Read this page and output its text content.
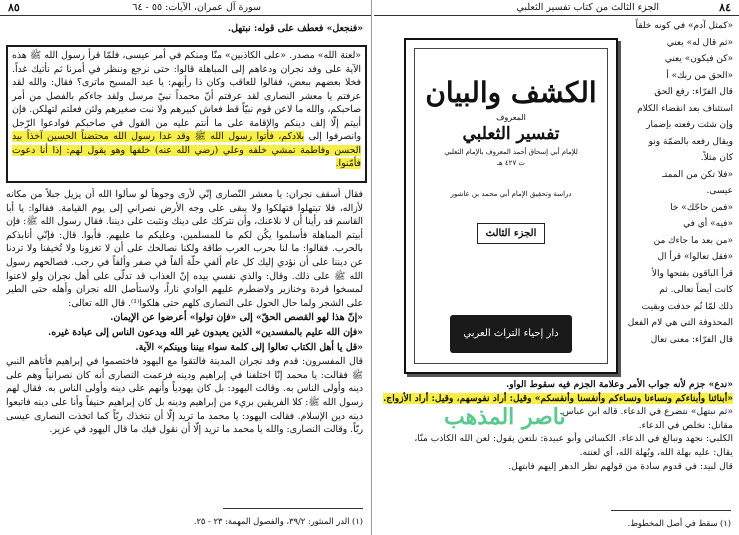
٨٥	سورة آل عمران، الآيات: ٥٥ - ٦٤

«فنجعل» فعطف على قوله: نبتهل.

«لعنة الله» مصدر. «على الكاذبين» منّا ومنكم في أمر عيسى، فلمّا قرأ رسول الله ﷺ هذه الآية على وفد نجران ودعاهم إلى المباهلة قالوا: حتى نرجع وننظر في أمرنا ثم نأتيك غداً. فخلا بعضهم ببعض، فقالوا للعاقب وكان ذا رأيهم: يا عبد المسيح ماترى؟ فقال: والله لقد عرفتم يا معشر النصارى لقد عرفتم أنّ محمداً نبيّ مرسل ولقد جاءكم بالفصل من أمر صاحبكم، والله ما لاعن قوم نبيّاً قط فعاش كبيرهم ولا نبت صغيرهم ولئن فعلتم لتهلكن. فإن أبيتم إلّا إلف دينكم والإقامة على ما أنتم عليه من القول في صاحبكم فوادعوا الرّجل وانصرفوا إلى بلادكم، فأتوا رسول الله ﷺ وقد غدا رسول الله محتضناً الحسين آخذاً بيد الحسن وفاطمة تمشي خلفه وعلي (رضي الله عنه) خلفها وهو يقول لهم: إذا أنا دعوت فأمّنوا.

فقال أسقف نجران: يا معشر النّصارى إنّي لأرى وجوهاً لو سألوا الله أن يزيل جبلاً من مكانه لأزاله، فلا تبتهلوا فتهلكوا ولا يبقى على وجه الأرض نصراني إلى يوم القيامة. فقالوا: يا أبا القاسم قد رأينا أن لا نلاعنك، وأن نتركك على دينك ونثبت على ديننا. فقال رسول الله ﷺ: فإن أبيتم المباهلة فأسلموا يكُن لكم ما للمسلمين، وعليكم ما عليهم. فأبوا. قال: فإنّي أنابذكم بالحرب. فقالوا: ما لنا بحرب العرب طاقة ولكنا نصالحك على أن لا تغزونا ولا تُخيفنا ولا تردنا عن ديننا على أن نؤدي إليك كل عام ألفي حلّة ألفاً في صفر وألفاً في رجب. فصالحهم رسول الله ﷺ على ذلك. وقال: والذي نفسي بيده إنّ العذاب قد تدلّى على أهل نجران ولو لاعنوا لمسخوا قردة وخنازير ولاضطرم عليهم الوادي ناراً، ولاستأصل الله نجران وأهله حتى الطير على الشجر ولما حال الحول على النصارى كلهم حتى هلكوا⁽¹⁾. قال الله تعالى:

«إنّ هذا لهو القصص الحقّ» إلى «فإن تولوا» أعرضوا عن الإيمان.

«فإن الله عليم بالمفسدين» الذين يعبدون غير الله ويدعون الناس إلى عبادة غيره.

«قل يا أهل الكتاب تعالوا إلى كلمة سواء بيننا وبينكم» الآية.

قال المفسرون: قدم وفد نجران المدينة فالتقوا مع اليهود فاختصموا في إبراهيم فأتاهم النبي ﷺ فقالت: يا محمد إنّا اختلفنا في إبراهيم ودينه فزعمت النصارى أنه كان نصرانياً وهم على دينه وأولى الناس به. وقالت اليهود: بل كان يهودياً وأنهم على دينه وأولى الناس به. فقال لهم رسول الله ﷺ: كلا الفريقين بريء من إبراهيم ودينه بل كان إبراهيم حنيفاً وأنا على دينه فاتبعوا دينه دين الإسلام. فقالت اليهود: يا محمد ما تريد إلّا أن نتخذك ربّاً كما اتخذت النصارى عيسى ربّاً. وقالت النصارى: والله يا محمد ما تريد إلّا أن نقول فيك ما قال اليهود في عزير.

(١) الدر المنثور: ٣٩/٢، والفصول المهمة: ٢٣ - ٢٥.
٨٤
الجزء الثالث من كتاب تفسير الثعلبي
«كمثل آدم» في كونه خلقاً
«ثم قال له» يعني
«كن فيكون» يعني
«الحق من ربك» أ
قال الفرّاء: رفع الحق
استئناف بعد انقضاء الكلام
وإن شئت رفعته بإضمار
ويقال رفعه بالضمّة ونو
كان مثلاً.
«فلا تكن من الممتـ
عيسى.
«فمن حاجّك» خا
«فيه» أي في
«من بعد ما جاءك من
«فقل تعالوا» قرأ ال
قرأ الباقون بفتحها والأ
كانت أيضاً تعالى. ثم
ذلك لمّا تُم حذفت وبقيت
المحذوفة التي هي لام الفعل
قال الفرّاء: معنى تعال
الكشف والبيان
المعروف
تفسير الثعلبي
للإمام أبي إسحاق أحمد المعروف بالإمام الثعلبي
ت ٤٢٧ هـ
دراسة وتحقيق الإمام أبي محمد بن عاشور
الجزء الثالث
دار إحياء التراث العربي

«ندع» جزم لأنه جواب الأمر وعلامة الجزم فيه سقوط الواو.

«أبنائنا وأبناءكم ونساءنا ونساءكم وأنفسنا وأنفسكم» وقيل: أراد نفوسهم، وقيل: أراد الأزواج.

«ثم نبتهل» نتضرع في الدعاء. قاله ابن عباس.

مقاتل: نخلص في الدعاء.

الكلبي: نجهد ونبالغ في الدعاء. الكسائي وأبو عبيدة: نلتعن يقول: لعن الله الكاذب منّا،

يقال: عليه بهلة الله، وبُهلة الله، أي لعنته.

قال لبيد: في قدوم سادة من قولهم نظر الدهر إليهم فابتهل.

ناصر المذهب
(١) سقط في أصل المخطوط.
